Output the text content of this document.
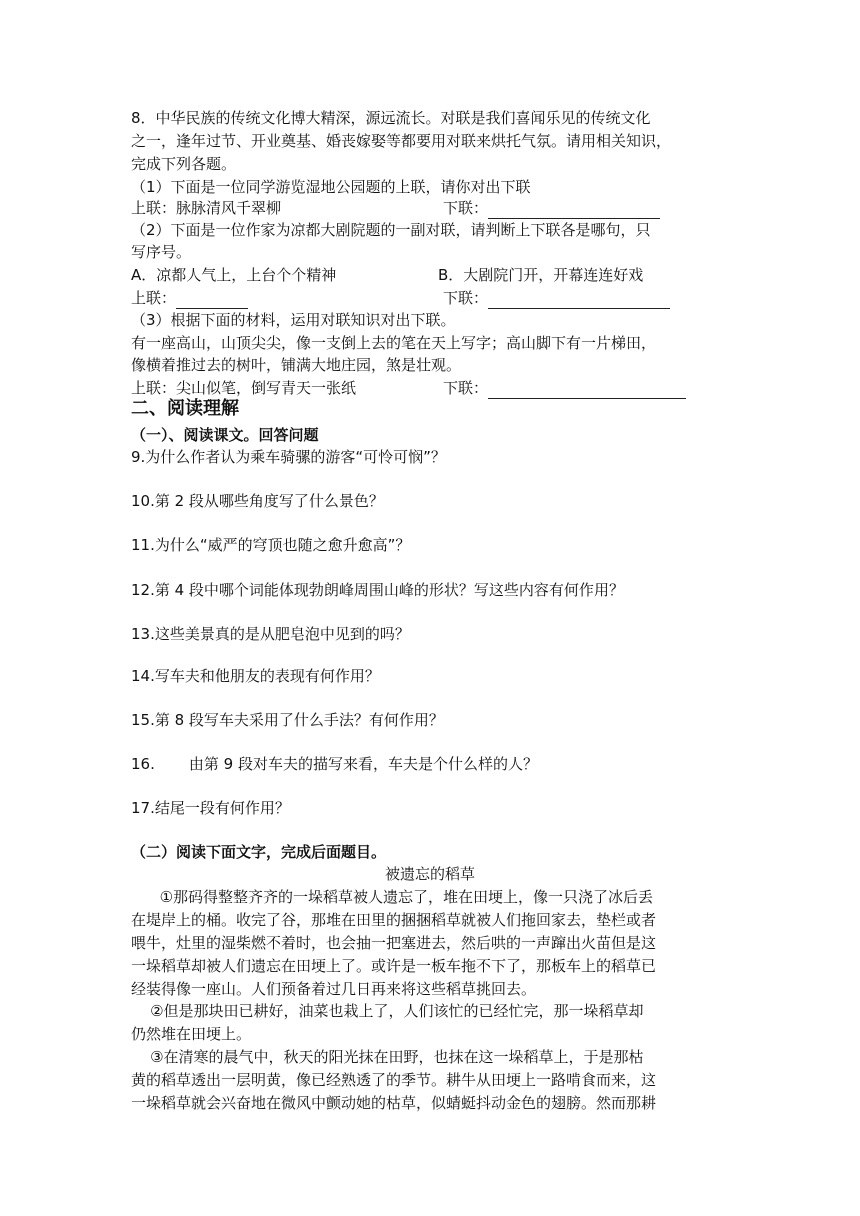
8．中华民族的传统文化博大精深，源远流长。对联是我们喜闻乐见的传统文化
之一，逢年过节、开业奠基、婚丧嫁娶等都要用对联来烘托气氛。请用相关知识，
完成下列各题。
（1）下面是一位同学游览湿地公园题的上联，请你对出下联
上联：脉脉清风千翠柳	下联：
（2）下面是一位作家为凉都大剧院题的一副对联，请判断上下联各是哪句，只
写序号。
A．凉都人气上，上台个个精神	B．大剧院门开，开幕连连好戏
上联：	下联：
（3）根据下面的材料，运用对联知识对出下联。
有一座高山，山顶尖尖，像一支倒上去的笔在天上写字；高山脚下有一片梯田，
像横着推过去的树叶，铺满大地庄园，煞是壮观。
上联：尖山似笔，倒写青天一张纸	下联：
二、阅读理解
（一）、阅读课文。回答问题
9.为什么作者认为乘车骑骡的游客“可怜可悯”？
10.第 2 段从哪些角度写了什么景色？
11.为什么“威严的穹顶也随之愈升愈高”？
12.第 4 段中哪个词能体现勃朗峰周围山峰的形状？写这些内容有何作用？
13.这些美景真的是从肥皂泡中见到的吗？
14.写车夫和他朋友的表现有何作用？
15.第 8 段写车夫采用了什么手法？有何作用？
16. 由第 9 段对车夫的描写来看，车夫是个什么样的人？
17.结尾一段有何作用？
（二）阅读下面文字，完成后面题目。
被遗忘的稻草
①那码得整整齐齐的一垛稻草被人遗忘了，堆在田埂上，像一只浇了冰后丢
在堤岸上的桶。收完了谷，那堆在田里的捆捆稻草就被人们拖回家去，垫栏或者
喂牛，灶里的湿柴燃不着时，也会抽一把塞进去，然后哄的一声蹿出火苗但是这
一垛稻草却被人们遗忘在田埂上了。或许是一板车拖不下了，那板车上的稻草已
经装得像一座山。人们预备着过几日再来将这些稻草挑回去。
②但是那块田已耕好，油菜也栽上了，人们该忙的已经忙完，那一垛稻草却
仍然堆在田埂上。
③在清寒的晨气中，秋天的阳光抹在田野，也抹在这一垛稻草上，于是那枯
黄的稻草透出一层明黄，像已经熟透了的季节。耕牛从田埂上一路啃食而来，这
一垛稻草就会兴奋地在微风中颤动她的枯草，似蜻蜓抖动金色的翅膀。然而那耕
